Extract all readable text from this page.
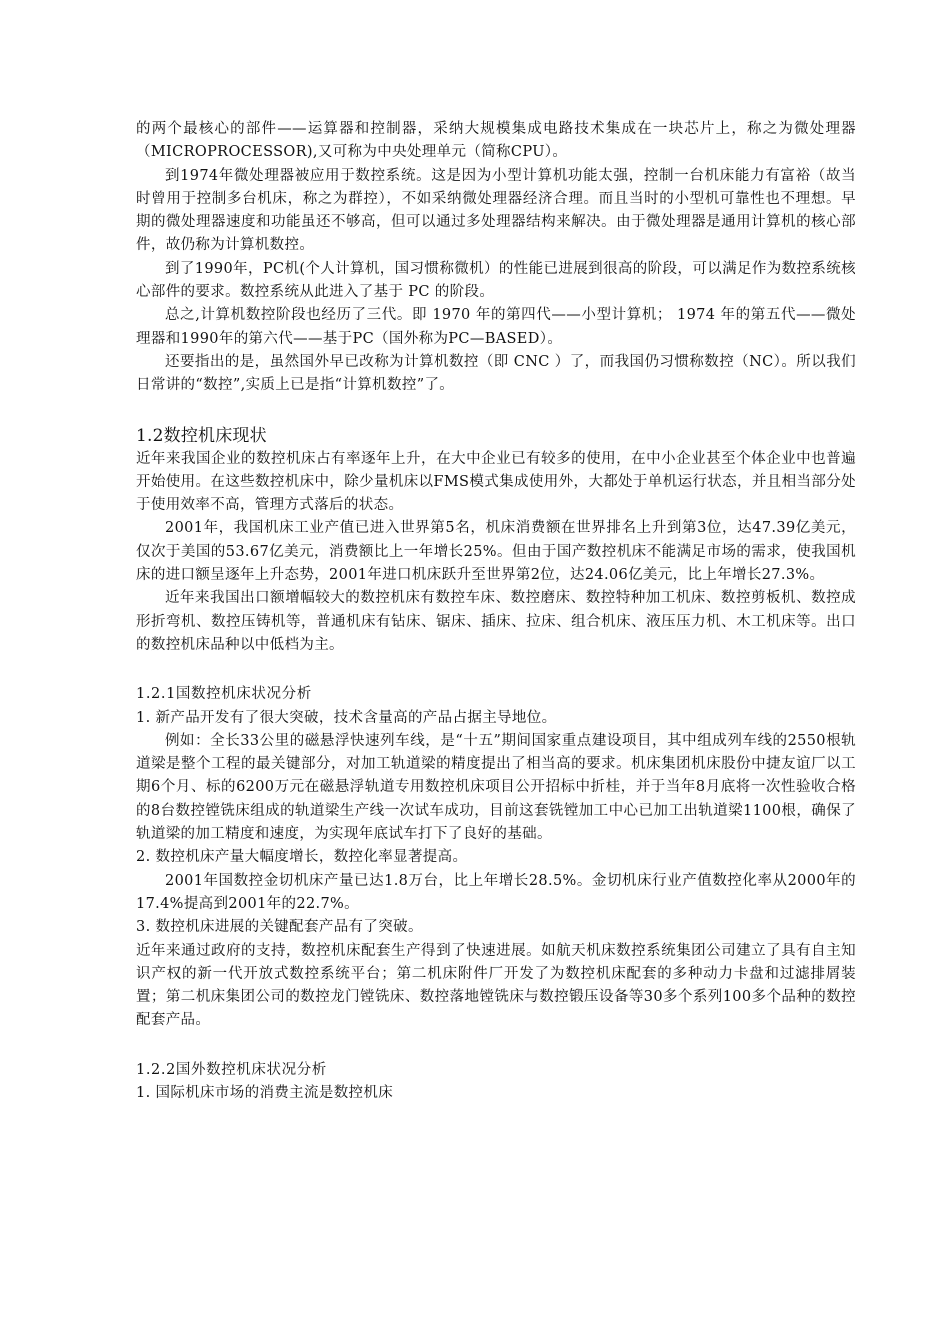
的两个最核心的部件——运算器和控制器，采纳大规模集成电路技术集成在一块芯片上，称之为微处理器（MICROPROCESSOR),又可称为中央处理单元（简称CPU）。

到1974年微处理器被应用于数控系统。这是因为小型计算机功能太强，控制一台机床能力有富裕（故当时曾用于控制多台机床，称之为群控），不如采纳微处理器经济合理。而且当时的小型机可靠性也不理想。早期的微处理器速度和功能虽还不够高，但可以通过多处理器结构来解决。由于微处理器是通用计算机的核心部件，故仍称为计算机数控。

到了1990年，PC机(个人计算机，国习惯称微机）的性能已进展到很高的阶段，可以满足作为数控系统核心部件的要求。数控系统从此进入了基于 PC 的阶段。

总之,计算机数控阶段也经历了三代。即 1970 年的第四代——小型计算机； 1974 年的第五代——微处理器和1990年的第六代——基于PC（国外称为PC—BASED）。

还要指出的是，虽然国外早已改称为计算机数控（即 CNC ）了，而我国仍习惯称数控（NC）。所以我们日常讲的“数控”,实质上已是指“计算机数控”了。

1.2数控机床现状

近年来我国企业的数控机床占有率逐年上升，在大中企业已有较多的使用，在中小企业甚至个体企业中也普遍开始使用。在这些数控机床中，除少量机床以FMS模式集成使用外，大都处于单机运行状态，并且相当部分处于使用效率不高，管理方式落后的状态。

2001年，我国机床工业产值已进入世界第5名，机床消费额在世界排名上升到第3位，达47.39亿美元，仅次于美国的53.67亿美元，消费额比上一年增长25%。但由于国产数控机床不能满足市场的需求，使我国机床的进口额呈逐年上升态势，2001年进口机床跃升至世界第2位，达24.06亿美元，比上年增长27.3%。

近年来我国出口额增幅较大的数控机床有数控车床、数控磨床、数控特种加工机床、数控剪板机、数控成形折弯机、数控压铸机等，普通机床有钻床、锯床、插床、拉床、组合机床、液压压力机、木工机床等。出口的数控机床品种以中低档为主。

1.2.1国数控机床状况分析

1. 新产品开发有了很大突破，技术含量高的产品占据主导地位。

例如：全长33公里的磁悬浮快速列车线，是“十五”期间国家重点建设项目，其中组成列车线的2550根轨道梁是整个工程的最关键部分，对加工轨道梁的精度提出了相当高的要求。机床集团机床股份中捷友谊厂以工期6个月、标的6200万元在磁悬浮轨道专用数控机床项目公开招标中折桂，并于当年8月底将一次性验收合格的8台数控镗铣床组成的轨道梁生产线一次试车成功，目前这套铣镗加工中心已加工出轨道梁1100根，确保了轨道梁的加工精度和速度，为实现年底试车打下了良好的基础。

2. 数控机床产量大幅度增长，数控化率显著提高。

2001年国数控金切机床产量已达1.8万台，比上年增长28.5%。金切机床行业产值数控化率从2000年的17.4%提高到2001年的22.7%。

3. 数控机床进展的关键配套产品有了突破。

近年来通过政府的支持，数控机床配套生产得到了快速进展。如航天机床数控系统集团公司建立了具有自主知识产权的新一代开放式数控系统平台；第二机床附件厂开发了为数控机床配套的多种动力卡盘和过滤排屑装置；第二机床集团公司的数控龙门镗铣床、数控落地镗铣床与数控锻压设备等30多个系列100多个品种的数控配套产品。

1.2.2国外数控机床状况分析

1. 国际机床市场的消费主流是数控机床
